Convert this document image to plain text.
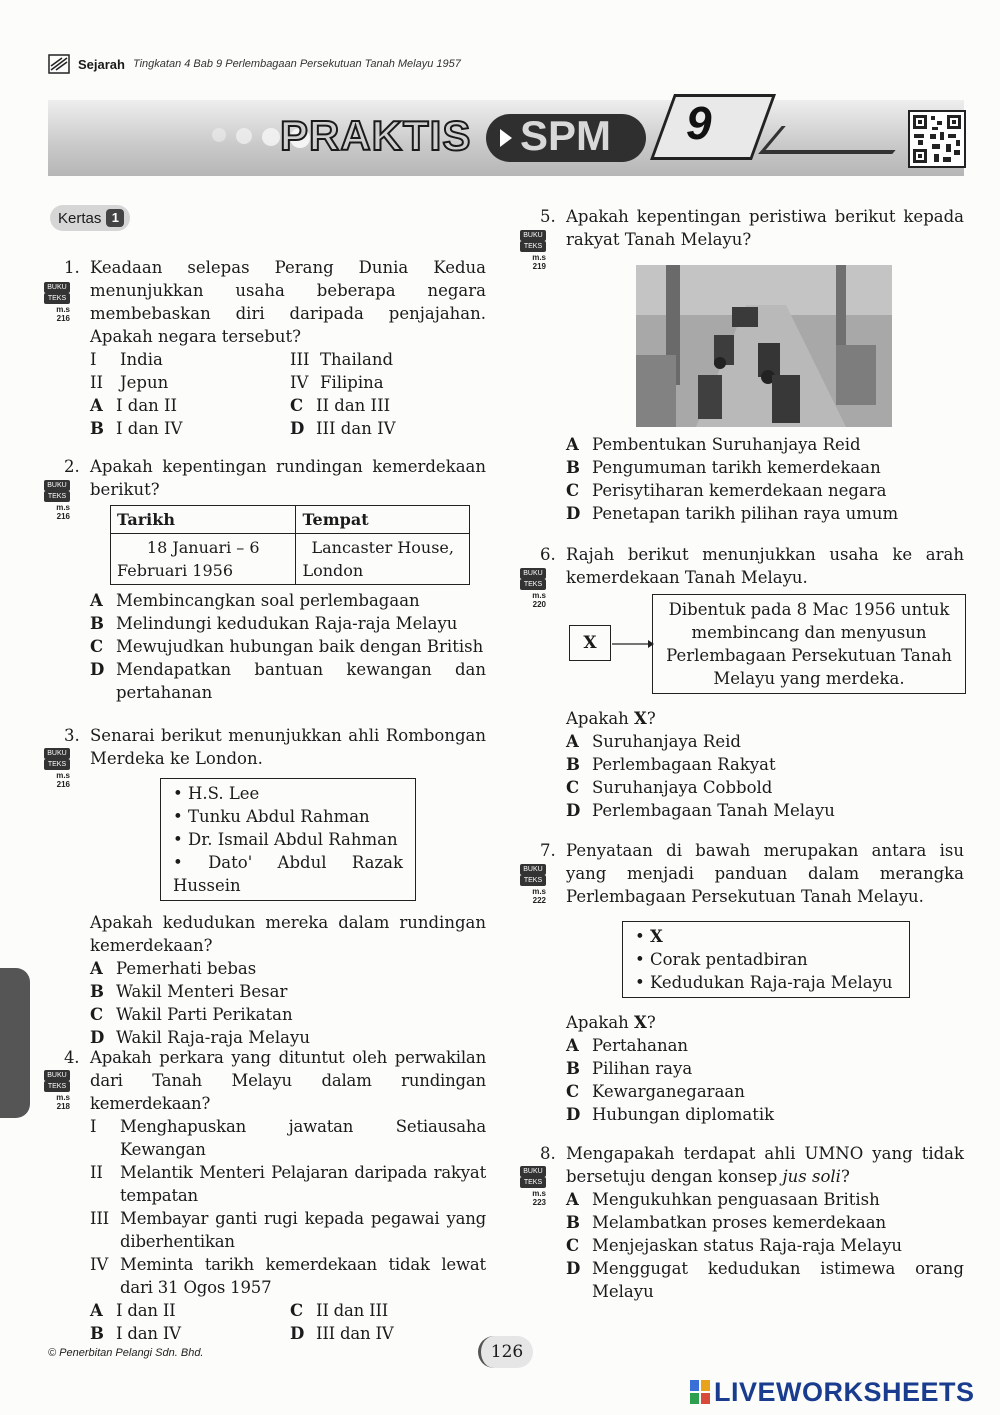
Sejarah Tingkatan 4 Bab 9 Perlembagaan Persekutuan Tanah Melayu 1957
PRAKTIS SPM 9
Kertas 1
BUKU
TEKS
m.s 216
1. Keadaan selepas Perang Dunia Kedua menunjukkan usaha beberapa negara membebaskan diri daripada penjajahan. Apakah negara tersebut?
I	India	III Thailand
II	Jepun	IV Filipina
A I dan II	C II dan III
B I dan IV	D III dan IV
BUKU
TEKS
m.s 216
2. Apakah kepentingan rundingan kemerdekaan berikut?
Tarikh	Tempat
18 Januari – 6 Februari 1956	Lancaster House, London
A Membincangkan soal perlembagaan
B Melindungi kedudukan Raja-raja Melayu
C Mewujudkan hubungan baik dengan British
D Mendapatkan bantuan kewangan dan pertahanan
BUKU
TEKS
m.s 216
3. Senarai berikut menunjukkan ahli Rombongan Merdeka ke London.
• H.S. Lee
• Tunku Abdul Rahman
• Dr. Ismail Abdul Rahman
• Dato' Abdul Razak Hussein
Apakah kedudukan mereka dalam rundingan kemerdekaan?
A Pemerhati bebas
B Wakil Menteri Besar
C Wakil Parti Perikatan
D Wakil Raja-raja Melayu
BUKU
TEKS
m.s 218
4. Apakah perkara yang dituntut oleh perwakilan dari Tanah Melayu dalam rundingan kemerdekaan?
I	Menghapuskan jawatan Setiausaha Kewangan
II	Melantik Menteri Pelajaran daripada rakyat tempatan
III Membayar ganti rugi kepada pegawai yang diberhentikan
IV Meminta tarikh kemerdekaan tidak lewat dari 31 Ogos 1957
A I dan II	C II dan III
B I dan IV	D III dan IV
BUKU
TEKS
m.s 219
5. Apakah kepentingan peristiwa berikut kepada rakyat Tanah Melayu?
A Pembentukan Suruhanjaya Reid
B Pengumuman tarikh kemerdekaan
C Perisytiharan kemerdekaan negara
D Penetapan tarikh pilihan raya umum
BUKU
TEKS
m.s 220
6. Rajah berikut menunjukkan usaha ke arah kemerdekaan Tanah Melayu.
X
Dibentuk pada 8 Mac 1956 untuk membincang dan menyusun Perlembagaan Persekutuan Tanah Melayu yang merdeka.
Apakah X?
A Suruhanjaya Reid
B Perlembagaan Rakyat
C Suruhanjaya Cobbold
D Perlembagaan Tanah Melayu
BUKU
TEKS
m.s 222
7. Penyataan di bawah merupakan antara isu yang menjadi panduan dalam merangka Perlembagaan Persekutuan Tanah Melayu.
• X
• Corak pentadbiran
• Kedudukan Raja-raja Melayu
Apakah X?
A Pertahanan
B Pilihan raya
C Kewarganegaraan
D Hubungan diplomatik
BUKU
TEKS
m.s 223
8. Mengapakah terdapat ahli UMNO yang tidak bersetuju dengan konsep jus soli?
A Mengukuhkan penguasaan British
B Melambatkan proses kemerdekaan
C Menjejaskan status Raja-raja Melayu
D Menggugat kedudukan istimewa orang Melayu
© Penerbitan Pelangi Sdn. Bhd.	126
LIVEWORKSHEETS
